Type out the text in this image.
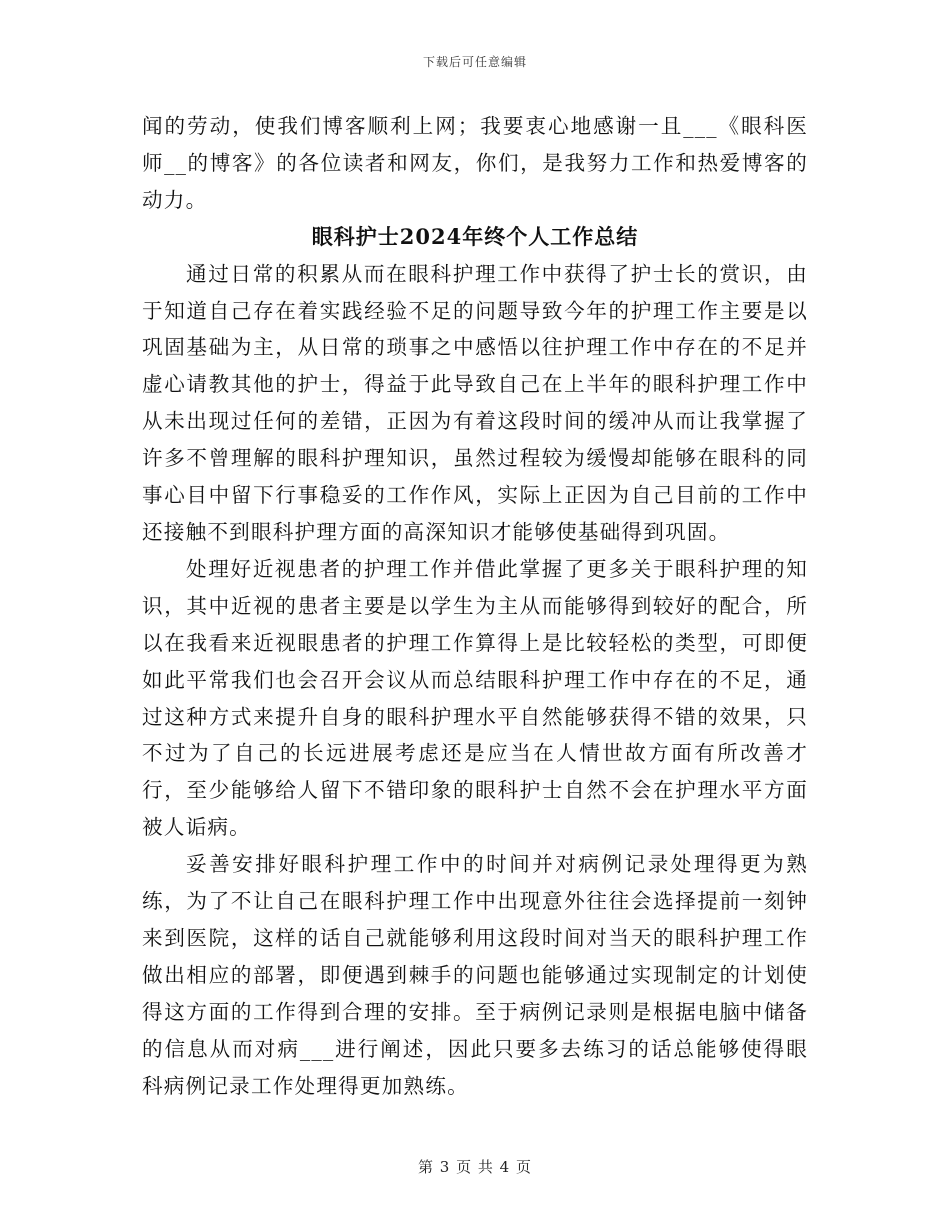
下载后可任意编辑

闻的劳动，使我们博客顺利上网；我要衷心地感谢一且___《眼科医师__的博客》的各位读者和网友，你们，是我努力工作和热爱博客的动力。

眼科护士2024年终个人工作总结

通过日常的积累从而在眼科护理工作中获得了护士长的赏识，由于知道自己存在着实践经验不足的问题导致今年的护理工作主要是以巩固基础为主，从日常的琐事之中感悟以往护理工作中存在的不足并虚心请教其他的护士，得益于此导致自己在上半年的眼科护理工作中从未出现过任何的差错，正因为有着这段时间的缓冲从而让我掌握了许多不曾理解的眼科护理知识，虽然过程较为缓慢却能够在眼科的同事心目中留下行事稳妥的工作作风，实际上正因为自己目前的工作中还接触不到眼科护理方面的高深知识才能够使基础得到巩固。

处理好近视患者的护理工作并借此掌握了更多关于眼科护理的知识，其中近视的患者主要是以学生为主从而能够得到较好的配合，所以在我看来近视眼患者的护理工作算得上是比较轻松的类型，可即便如此平常我们也会召开会议从而总结眼科护理工作中存在的不足，通过这种方式来提升自身的眼科护理水平自然能够获得不错的效果，只不过为了自己的长远进展考虑还是应当在人情世故方面有所改善才行，至少能够给人留下不错印象的眼科护士自然不会在护理水平方面被人诟病。

妥善安排好眼科护理工作中的时间并对病例记录处理得更为熟练，为了不让自己在眼科护理工作中出现意外往往会选择提前一刻钟来到医院，这样的话自己就能够利用这段时间对当天的眼科护理工作做出相应的部署，即便遇到棘手的问题也能够通过实现制定的计划使得这方面的工作得到合理的安排。至于病例记录则是根据电脑中储备的信息从而对病___进行阐述，因此只要多去练习的话总能够使得眼科病例记录工作处理得更加熟练。

第 3 页 共 4 页
